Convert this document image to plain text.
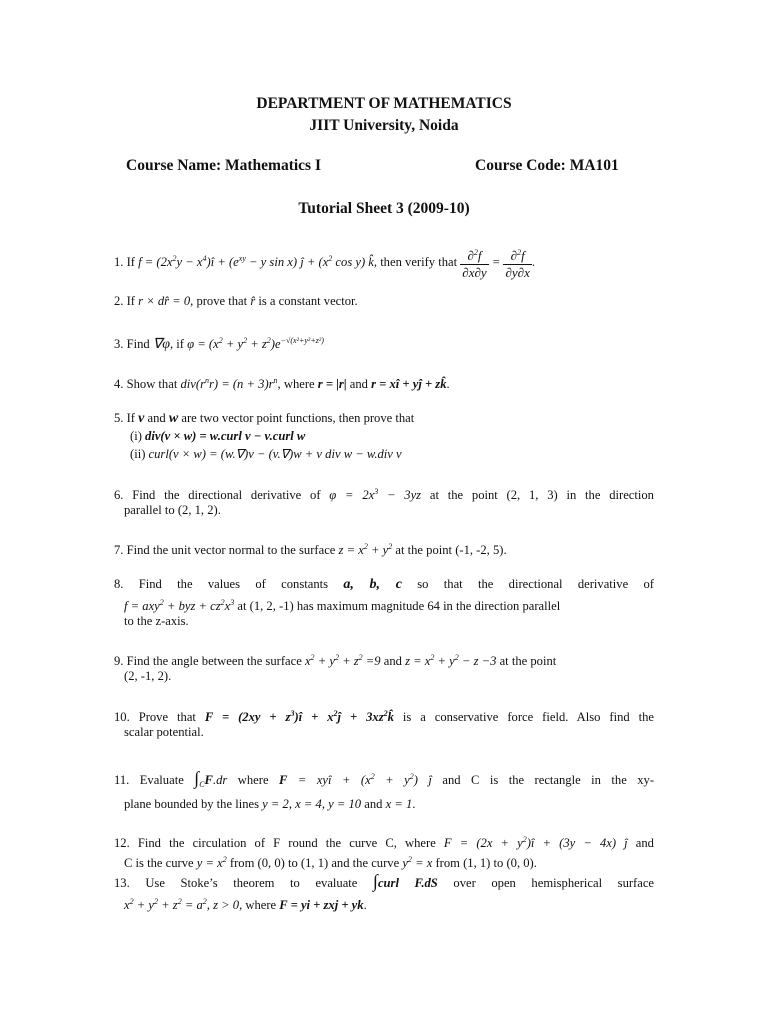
DEPARTMENT OF MATHEMATICS
JIIT University, Noida
Course Name: Mathematics I	Course Code: MA101
Tutorial Sheet 3 (2009-10)
1. If $f = (2x^2y$ − $x^4)î + (e^{xy} - y$ sin x) ĵ + ($x^2$ cos y) k̂, then verify that $\frac{\partial^2f}{\partial x\partial y} = \frac{\partial^2f}{\partial y\partial x}$ .
2. If r × dr̂ = 0, prove that r̂ is a constant vector.
3. Find ∇φ, if $\varphi = (x^2 + y^2 + z^2)e^{-√(x^2+y^2+z^2)}$
4. Show that $div(r^nr) = (n + 3)r^n$, where r = |r| and r = xî + yĵ + zk̂.
5. If v and w are two vector point functions, then prove that
(i) div(v × w) = w.curl v − v.curl w
(ii) curl(v × w) = (w.∇)v − (v.∇)w + v div w − w.div v
6. Find the directional derivative of $\varphi = 2x^3 - 3yz$ at the point (2, 1, 3) in the direction
parallel to (2, 1, 2).
7. Find the unit vector normal to the surface $z = x^2 + y^2$ at the point (-1, -2, 5).
8. Find the values of constants a, b, c so that the directional derivative of
f = axy$^2$ + byz + $cz^2x^3$ at (1, 2, -1) has maximum magnitude 64 in the direction parallel
to the z-axis.
9. Find the angle between the surface $x^2 + y^2 + z^2 =9$ and $z = x^2 + y^2 - z -3$ at the point
(2, -1, 2).
10. Prove that $F = (2xy + z^3)î$ + $x^2ĵ$ + $3xz^2k̂$ is a conservative force field. Also find the
scalar potential.
11. Evaluate $\int_CF.dr$ where F = xyî + $(x^2 + y^2)$ ĵ and C is the rectangle in the xy-
plane bounded by the lines y = 2, x = 4, y = 10 and x = 1.
12. Find the circulation of F round the curve C, where $F = (2x + y^2)î + (3y - 4x)$ ĵ and
C is the curve $y = x^2$ from (0, 0) to (1, 1) and the curve $y^2 = x$ from (1, 1) to (0, 0).
13. Use Stoke’s theorem to evaluate ∫curl F.dS over open hemispherical surface
$x^2 + y^2 + z^2 = a^2$, z > 0, where F = yi + zxj + yk.
